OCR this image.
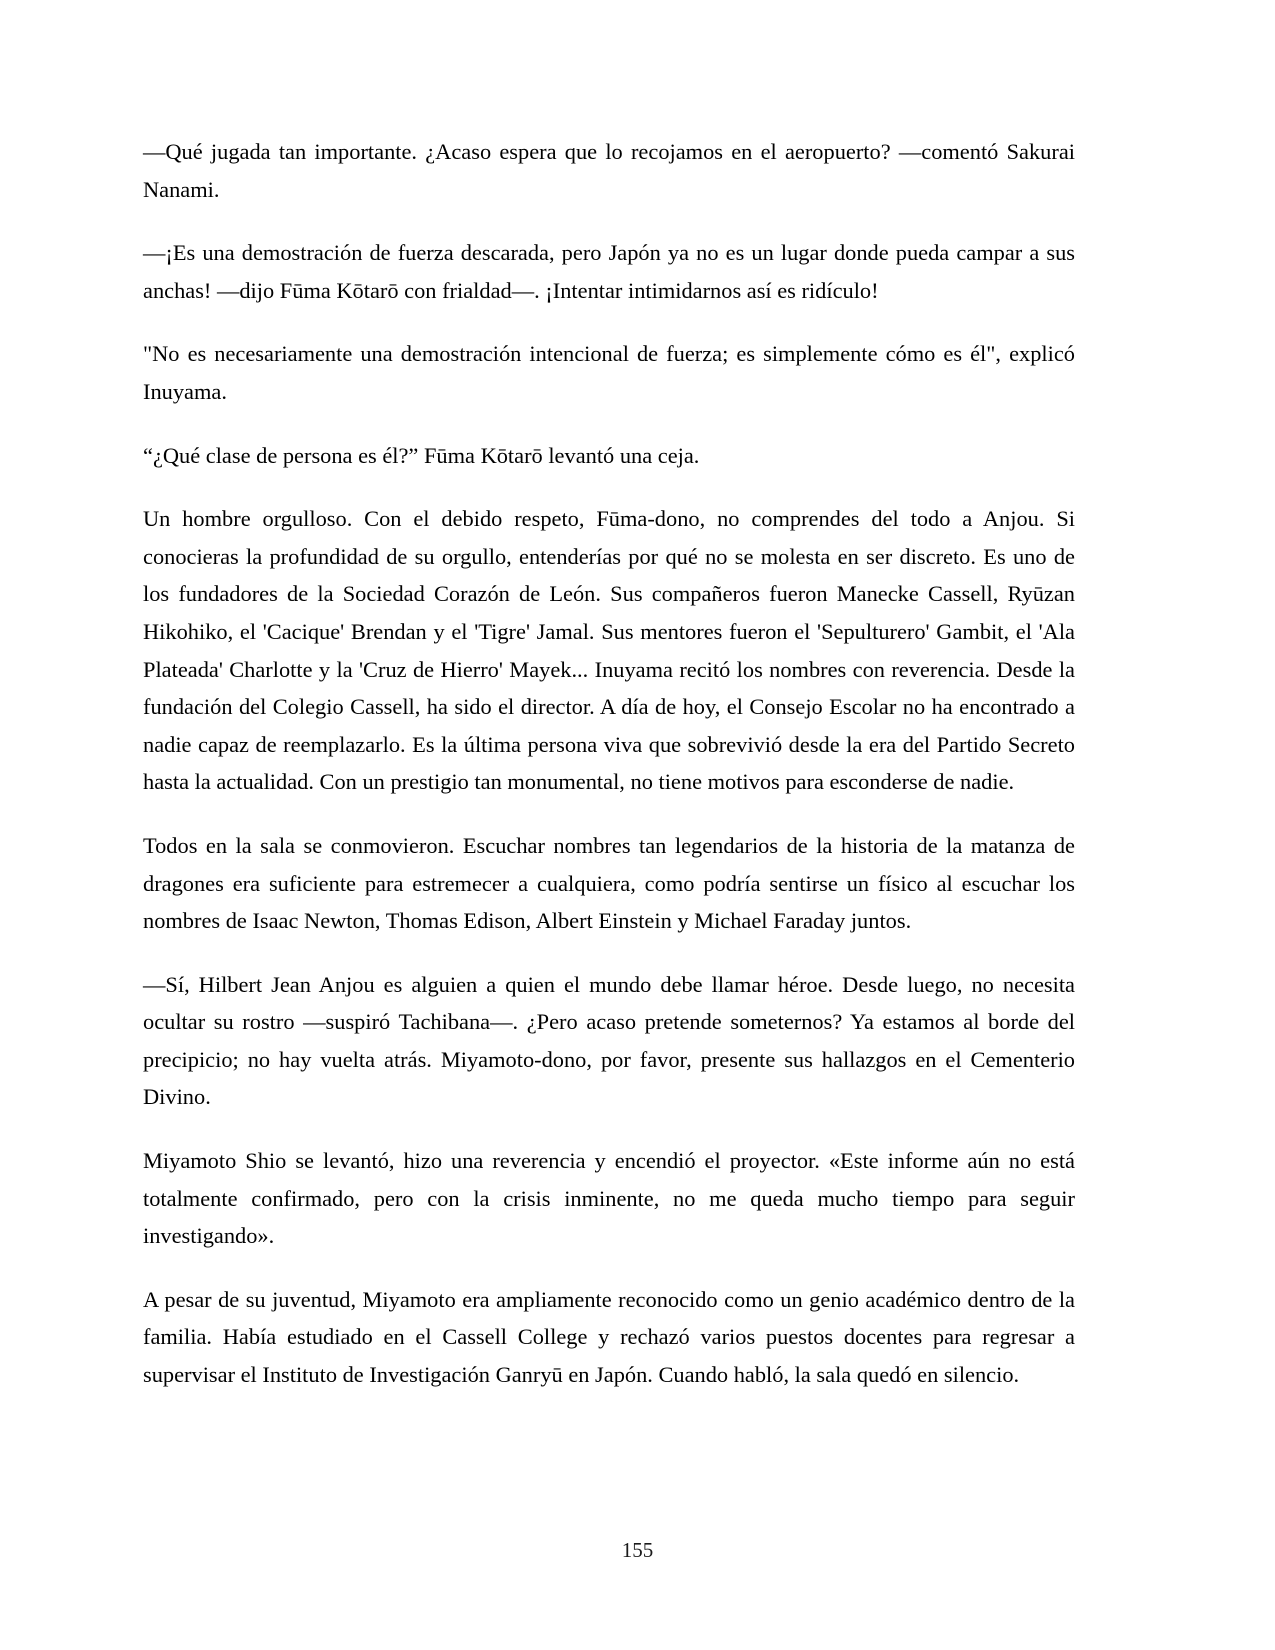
—Qué jugada tan importante. ¿Acaso espera que lo recojamos en el aeropuerto? —comentó Sakurai Nanami.

—¡Es una demostración de fuerza descarada, pero Japón ya no es un lugar donde pueda campar a sus anchas! —dijo Fūma Kōtarō con frialdad—. ¡Intentar intimidarnos así es ridículo!

"No es necesariamente una demostración intencional de fuerza; es simplemente cómo es él", explicó Inuyama.

“¿Qué clase de persona es él?” Fūma Kōtarō levantó una ceja.

Un hombre orgulloso. Con el debido respeto, Fūma-dono, no comprendes del todo a Anjou. Si conocieras la profundidad de su orgullo, entenderías por qué no se molesta en ser discreto. Es uno de los fundadores de la Sociedad Corazón de León. Sus compañeros fueron Manecke Cassell, Ryūzan Hikohiko, el 'Cacique' Brendan y el 'Tigre' Jamal. Sus mentores fueron el 'Sepulturero' Gambit, el 'Ala Plateada' Charlotte y la 'Cruz de Hierro' Mayek... Inuyama recitó los nombres con reverencia. Desde la fundación del Colegio Cassell, ha sido el director. A día de hoy, el Consejo Escolar no ha encontrado a nadie capaz de reemplazarlo. Es la última persona viva que sobrevivió desde la era del Partido Secreto hasta la actualidad. Con un prestigio tan monumental, no tiene motivos para esconderse de nadie.

Todos en la sala se conmovieron. Escuchar nombres tan legendarios de la historia de la matanza de dragones era suficiente para estremecer a cualquiera, como podría sentirse un físico al escuchar los nombres de Isaac Newton, Thomas Edison, Albert Einstein y Michael Faraday juntos.

—Sí, Hilbert Jean Anjou es alguien a quien el mundo debe llamar héroe. Desde luego, no necesita ocultar su rostro —suspiró Tachibana—. ¿Pero acaso pretende someternos? Ya estamos al borde del precipicio; no hay vuelta atrás. Miyamoto-dono, por favor, presente sus hallazgos en el Cementerio Divino.

Miyamoto Shio se levantó, hizo una reverencia y encendió el proyector. «Este informe aún no está totalmente confirmado, pero con la crisis inminente, no me queda mucho tiempo para seguir investigando».

A pesar de su juventud, Miyamoto era ampliamente reconocido como un genio académico dentro de la familia. Había estudiado en el Cassell College y rechazó varios puestos docentes para regresar a supervisar el Instituto de Investigación Ganryū en Japón. Cuando habló, la sala quedó en silencio.

155
